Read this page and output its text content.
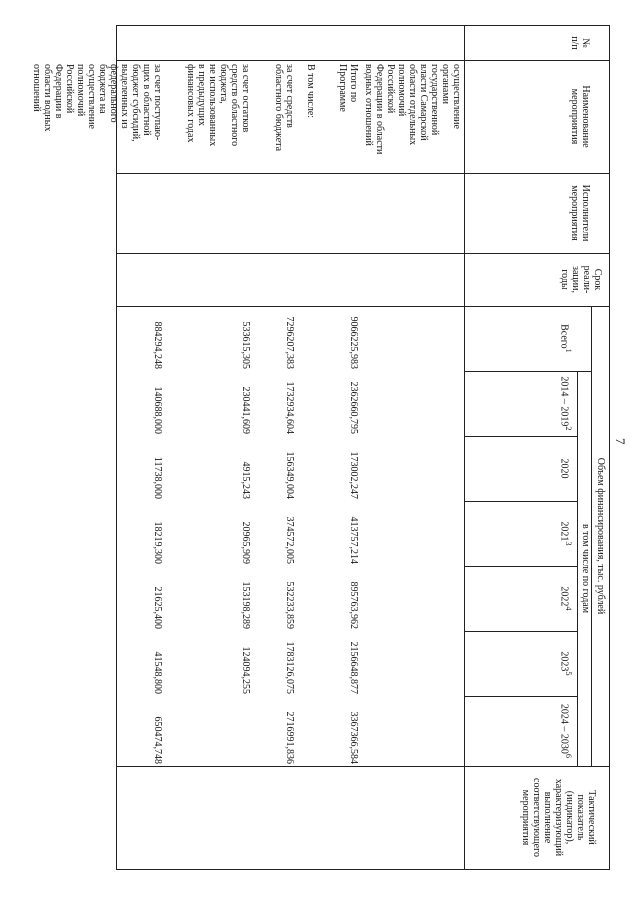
7
№
п/п
Наименование
мероприятия
Исполнители
мероприятия
Срок
реали-
зации,
годы
Объем финансирования, тыс. рублей
в том числе по годам
Всего$^1$
2014 – 2019$^2$
2020
2021$^3$
2022$^4$
2023$^5$
2024 – 2030$^6$
Тактический
показатель
(индикатор),
характеризующий
выполнение
соответствующего
мероприятия
осуществление
органами
государственной
власти Самарской
области отдельных
полномочий
Российской
Федерации в области
водных отношений
Итого по
Программе
9066225,983
2362660,795
173002,247
413757,214
895763,962
2156648,877
3367366,584
В том числе:
за счет средств
областного бюджета
7296207,383
1732934,604
156349,004
374572,005
532233,859
1783126,075
2716991,836
за счет остатков
средств областного
бюджета,
не использованных
в предыдущих
финансовых годах
533615,305
230441,609
4915,243
20965,909
153198,289
124094,255
за счет поступаю-
щих в областной
бюджет субсидий,
выделенных из
федерального
бюджета на
осуществление
полномочий
Российской
Федерации в
области водных
отношений
884294,248
140688,000
11738,000
18219,300
21625,400
41548,800
650474,748
